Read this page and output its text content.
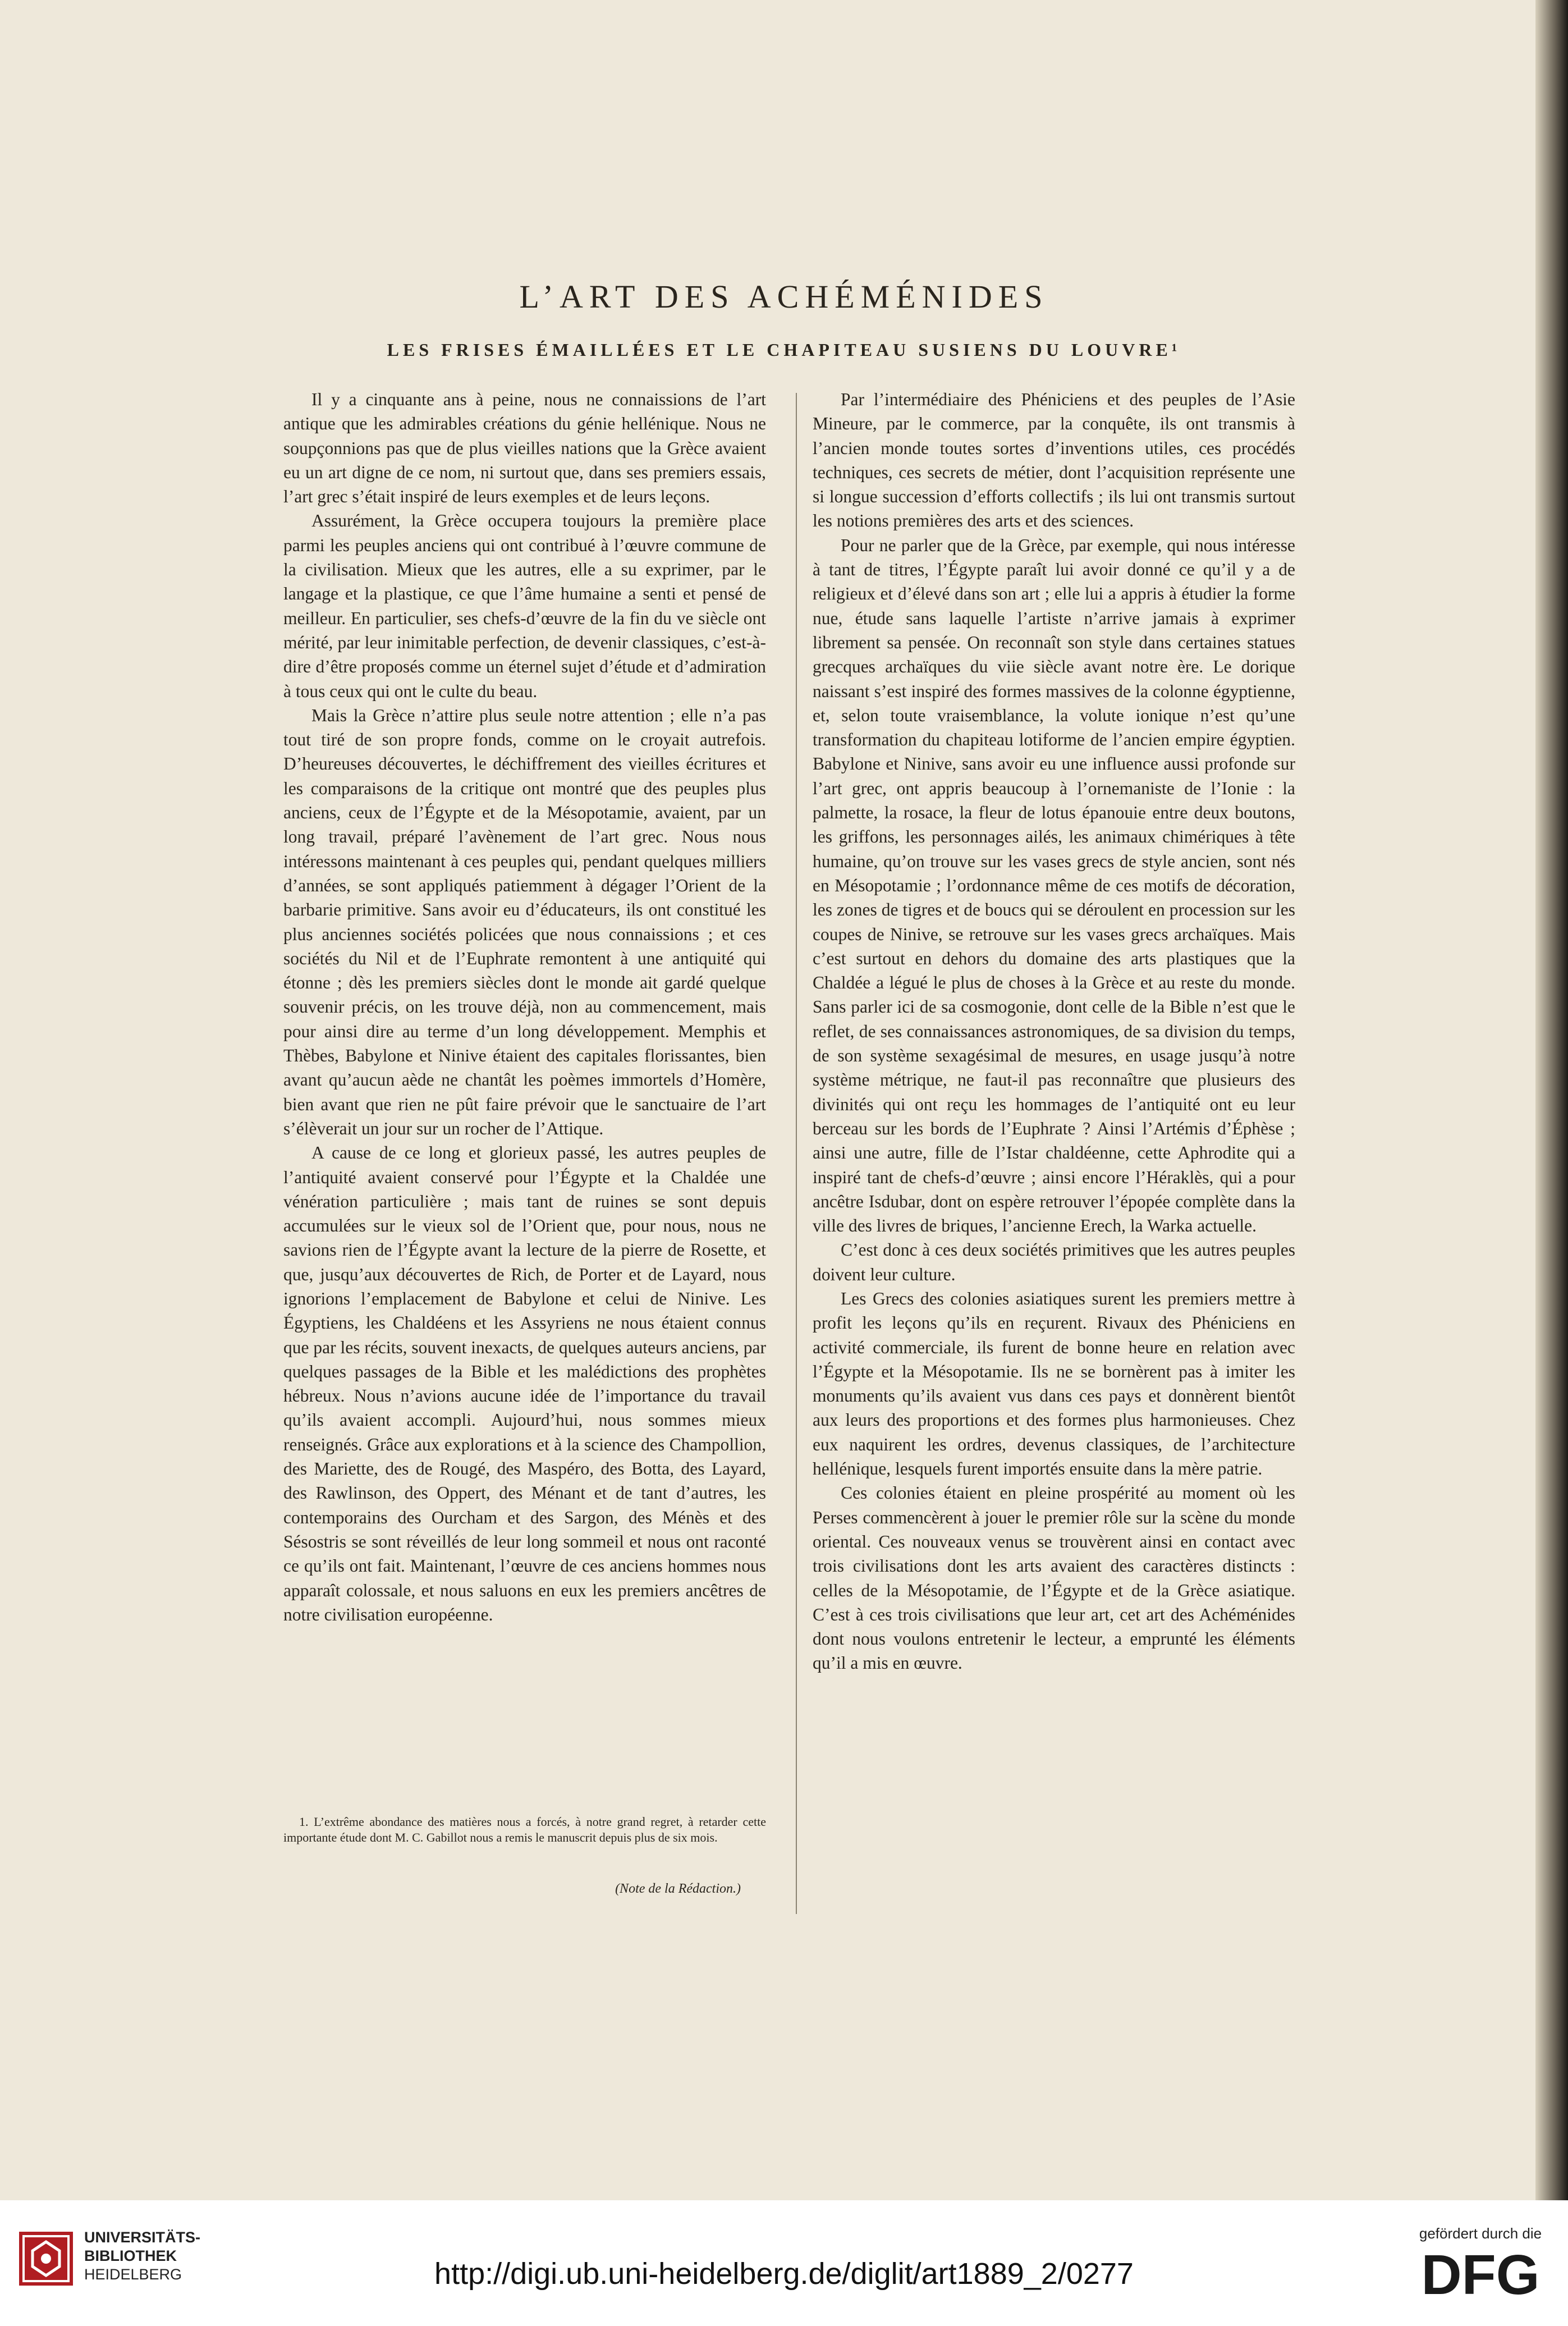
L’ART DES ACHÉMÉNIDES
LES FRISES ÉMAILLÉES ET LE CHAPITEAU SUSIENS DU LOUVRE¹

Il y a cinquante ans à peine, nous ne connaissions de l’art antique que les admirables créations du génie hellénique. Nous ne soupçonnions pas que de plus vieilles nations que la Grèce avaient eu un art digne de ce nom, ni surtout que, dans ses premiers essais, l’art grec s’était inspiré de leurs exemples et de leurs leçons.

Assurément, la Grèce occupera toujours la première place parmi les peuples anciens qui ont contribué à l’œuvre commune de la civilisation. Mieux que les autres, elle a su exprimer, par le langage et la plastique, ce que l’âme humaine a senti et pensé de meilleur. En particulier, ses chefs-d’œuvre de la fin du ve siècle ont mérité, par leur inimitable perfection, de devenir classiques, c’est-à-dire d’être proposés comme un éternel sujet d’étude et d’admiration à tous ceux qui ont le culte du beau.

Mais la Grèce n’attire plus seule notre attention ; elle n’a pas tout tiré de son propre fonds, comme on le croyait autrefois. D’heureuses découvertes, le déchiffrement des vieilles écritures et les comparaisons de la critique ont montré que des peuples plus anciens, ceux de l’Égypte et de la Mésopotamie, avaient, par un long travail, préparé l’avènement de l’art grec. Nous nous intéressons maintenant à ces peuples qui, pendant quelques milliers d’années, se sont appliqués patiemment à dégager l’Orient de la barbarie primitive. Sans avoir eu d’éducateurs, ils ont constitué les plus anciennes sociétés policées que nous connaissions ; et ces sociétés du Nil et de l’Euphrate remontent à une antiquité qui étonne ; dès les premiers siècles dont le monde ait gardé quelque souvenir précis, on les trouve déjà, non au commencement, mais pour ainsi dire au terme d’un long développement. Memphis et Thèbes, Babylone et Ninive étaient des capitales florissantes, bien avant qu’aucun aède ne chantât les poèmes immortels d’Homère, bien avant que rien ne pût faire prévoir que le sanctuaire de l’art s’élèverait un jour sur un rocher de l’Attique.

A cause de ce long et glorieux passé, les autres peuples de l’antiquité avaient conservé pour l’Égypte et la Chaldée une vénération particulière ; mais tant de ruines se sont depuis accumulées sur le vieux sol de l’Orient que, pour nous, nous ne savions rien de l’Égypte avant la lecture de la pierre de Rosette, et que, jusqu’aux découvertes de Rich, de Porter et de Layard, nous ignorions l’emplacement de Babylone et celui de Ninive. Les Égyptiens, les Chaldéens et les Assyriens ne nous étaient connus que par les récits, souvent inexacts, de quelques auteurs anciens, par quelques passages de la Bible et les malédictions des prophètes hébreux. Nous n’avions aucune idée de l’importance du travail qu’ils avaient accompli. Aujourd’hui, nous sommes mieux renseignés. Grâce aux explorations et à la science des Champollion, des Mariette, des de Rougé, des Maspéro, des Botta, des Layard, des Rawlinson, des Oppert, des Ménant et de tant d’autres, les contemporains des Ourcham et des Sargon, des Ménès et des Sésostris se sont réveillés de leur long sommeil et nous ont raconté ce qu’ils ont fait. Maintenant, l’œuvre de ces anciens hommes nous apparaît colossale, et nous saluons en eux les premiers ancêtres de notre civilisation européenne.

Par l’intermédiaire des Phéniciens et des peuples de l’Asie Mineure, par le commerce, par la conquête, ils ont transmis à l’ancien monde toutes sortes d’inventions utiles, ces procédés techniques, ces secrets de métier, dont l’acquisition représente une si longue succession d’efforts collectifs ; ils lui ont transmis surtout les notions premières des arts et des sciences.

Pour ne parler que de la Grèce, par exemple, qui nous intéresse à tant de titres, l’Égypte paraît lui avoir donné ce qu’il y a de religieux et d’élevé dans son art ; elle lui a appris à étudier la forme nue, étude sans laquelle l’artiste n’arrive jamais à exprimer librement sa pensée. On reconnaît son style dans certaines statues grecques archaïques du viie siècle avant notre ère. Le dorique naissant s’est inspiré des formes massives de la colonne égyptienne, et, selon toute vraisemblance, la volute ionique n’est qu’une transformation du chapiteau lotiforme de l’ancien empire égyptien. Babylone et Ninive, sans avoir eu une influence aussi profonde sur l’art grec, ont appris beaucoup à l’ornemaniste de l’Ionie : la palmette, la rosace, la fleur de lotus épanouie entre deux boutons, les griffons, les personnages ailés, les animaux chimériques à tête humaine, qu’on trouve sur les vases grecs de style ancien, sont nés en Mésopotamie ; l’ordonnance même de ces motifs de décoration, les zones de tigres et de boucs qui se déroulent en procession sur les coupes de Ninive, se retrouve sur les vases grecs archaïques. Mais c’est surtout en dehors du domaine des arts plastiques que la Chaldée a légué le plus de choses à la Grèce et au reste du monde. Sans parler ici de sa cosmogonie, dont celle de la Bible n’est que le reflet, de ses connaissances astronomiques, de sa division du temps, de son système sexagésimal de mesures, en usage jusqu’à notre système métrique, ne faut-il pas reconnaître que plusieurs des divinités qui ont reçu les hommages de l’antiquité ont eu leur berceau sur les bords de l’Euphrate ? Ainsi l’Artémis d’Éphèse ; ainsi une autre, fille de l’Istar chaldéenne, cette Aphrodite qui a inspiré tant de chefs-d’œuvre ; ainsi encore l’Héraklès, qui a pour ancêtre Isdubar, dont on espère retrouver l’épopée complète dans la ville des livres de briques, l’ancienne Erech, la Warka actuelle.

C’est donc à ces deux sociétés primitives que les autres peuples doivent leur culture.

Les Grecs des colonies asiatiques surent les premiers mettre à profit les leçons qu’ils en reçurent. Rivaux des Phéniciens en activité commerciale, ils furent de bonne heure en relation avec l’Égypte et la Mésopotamie. Ils ne se bornèrent pas à imiter les monuments qu’ils avaient vus dans ces pays et donnèrent bientôt aux leurs des proportions et des formes plus harmonieuses. Chez eux naquirent les ordres, devenus classiques, de l’architecture hellénique, lesquels furent importés ensuite dans la mère patrie.

Ces colonies étaient en pleine prospérité au moment où les Perses commencèrent à jouer le premier rôle sur la scène du monde oriental. Ces nouveaux venus se trouvèrent ainsi en contact avec trois civilisations dont les arts avaient des caractères distincts : celles de la Mésopotamie, de l’Égypte et de la Grèce asiatique. C’est à ces trois civilisations que leur art, cet art des Achéménides dont nous voulons entretenir le lecteur, a emprunté les éléments qu’il a mis en œuvre.

1. L’extrême abondance des matières nous a forcés, à notre grand regret, à retarder cette importante étude dont M. C. Gabillot nous a remis le manuscrit depuis plus de six mois.

(Note de la Rédaction.)
UNIVERSITÄTS-
BIBLIOTHEK
HEIDELBERG	http://digi.ub.uni-heidelberg.de/diglit/art1889_2/0277
gefördert durch die
DFG
